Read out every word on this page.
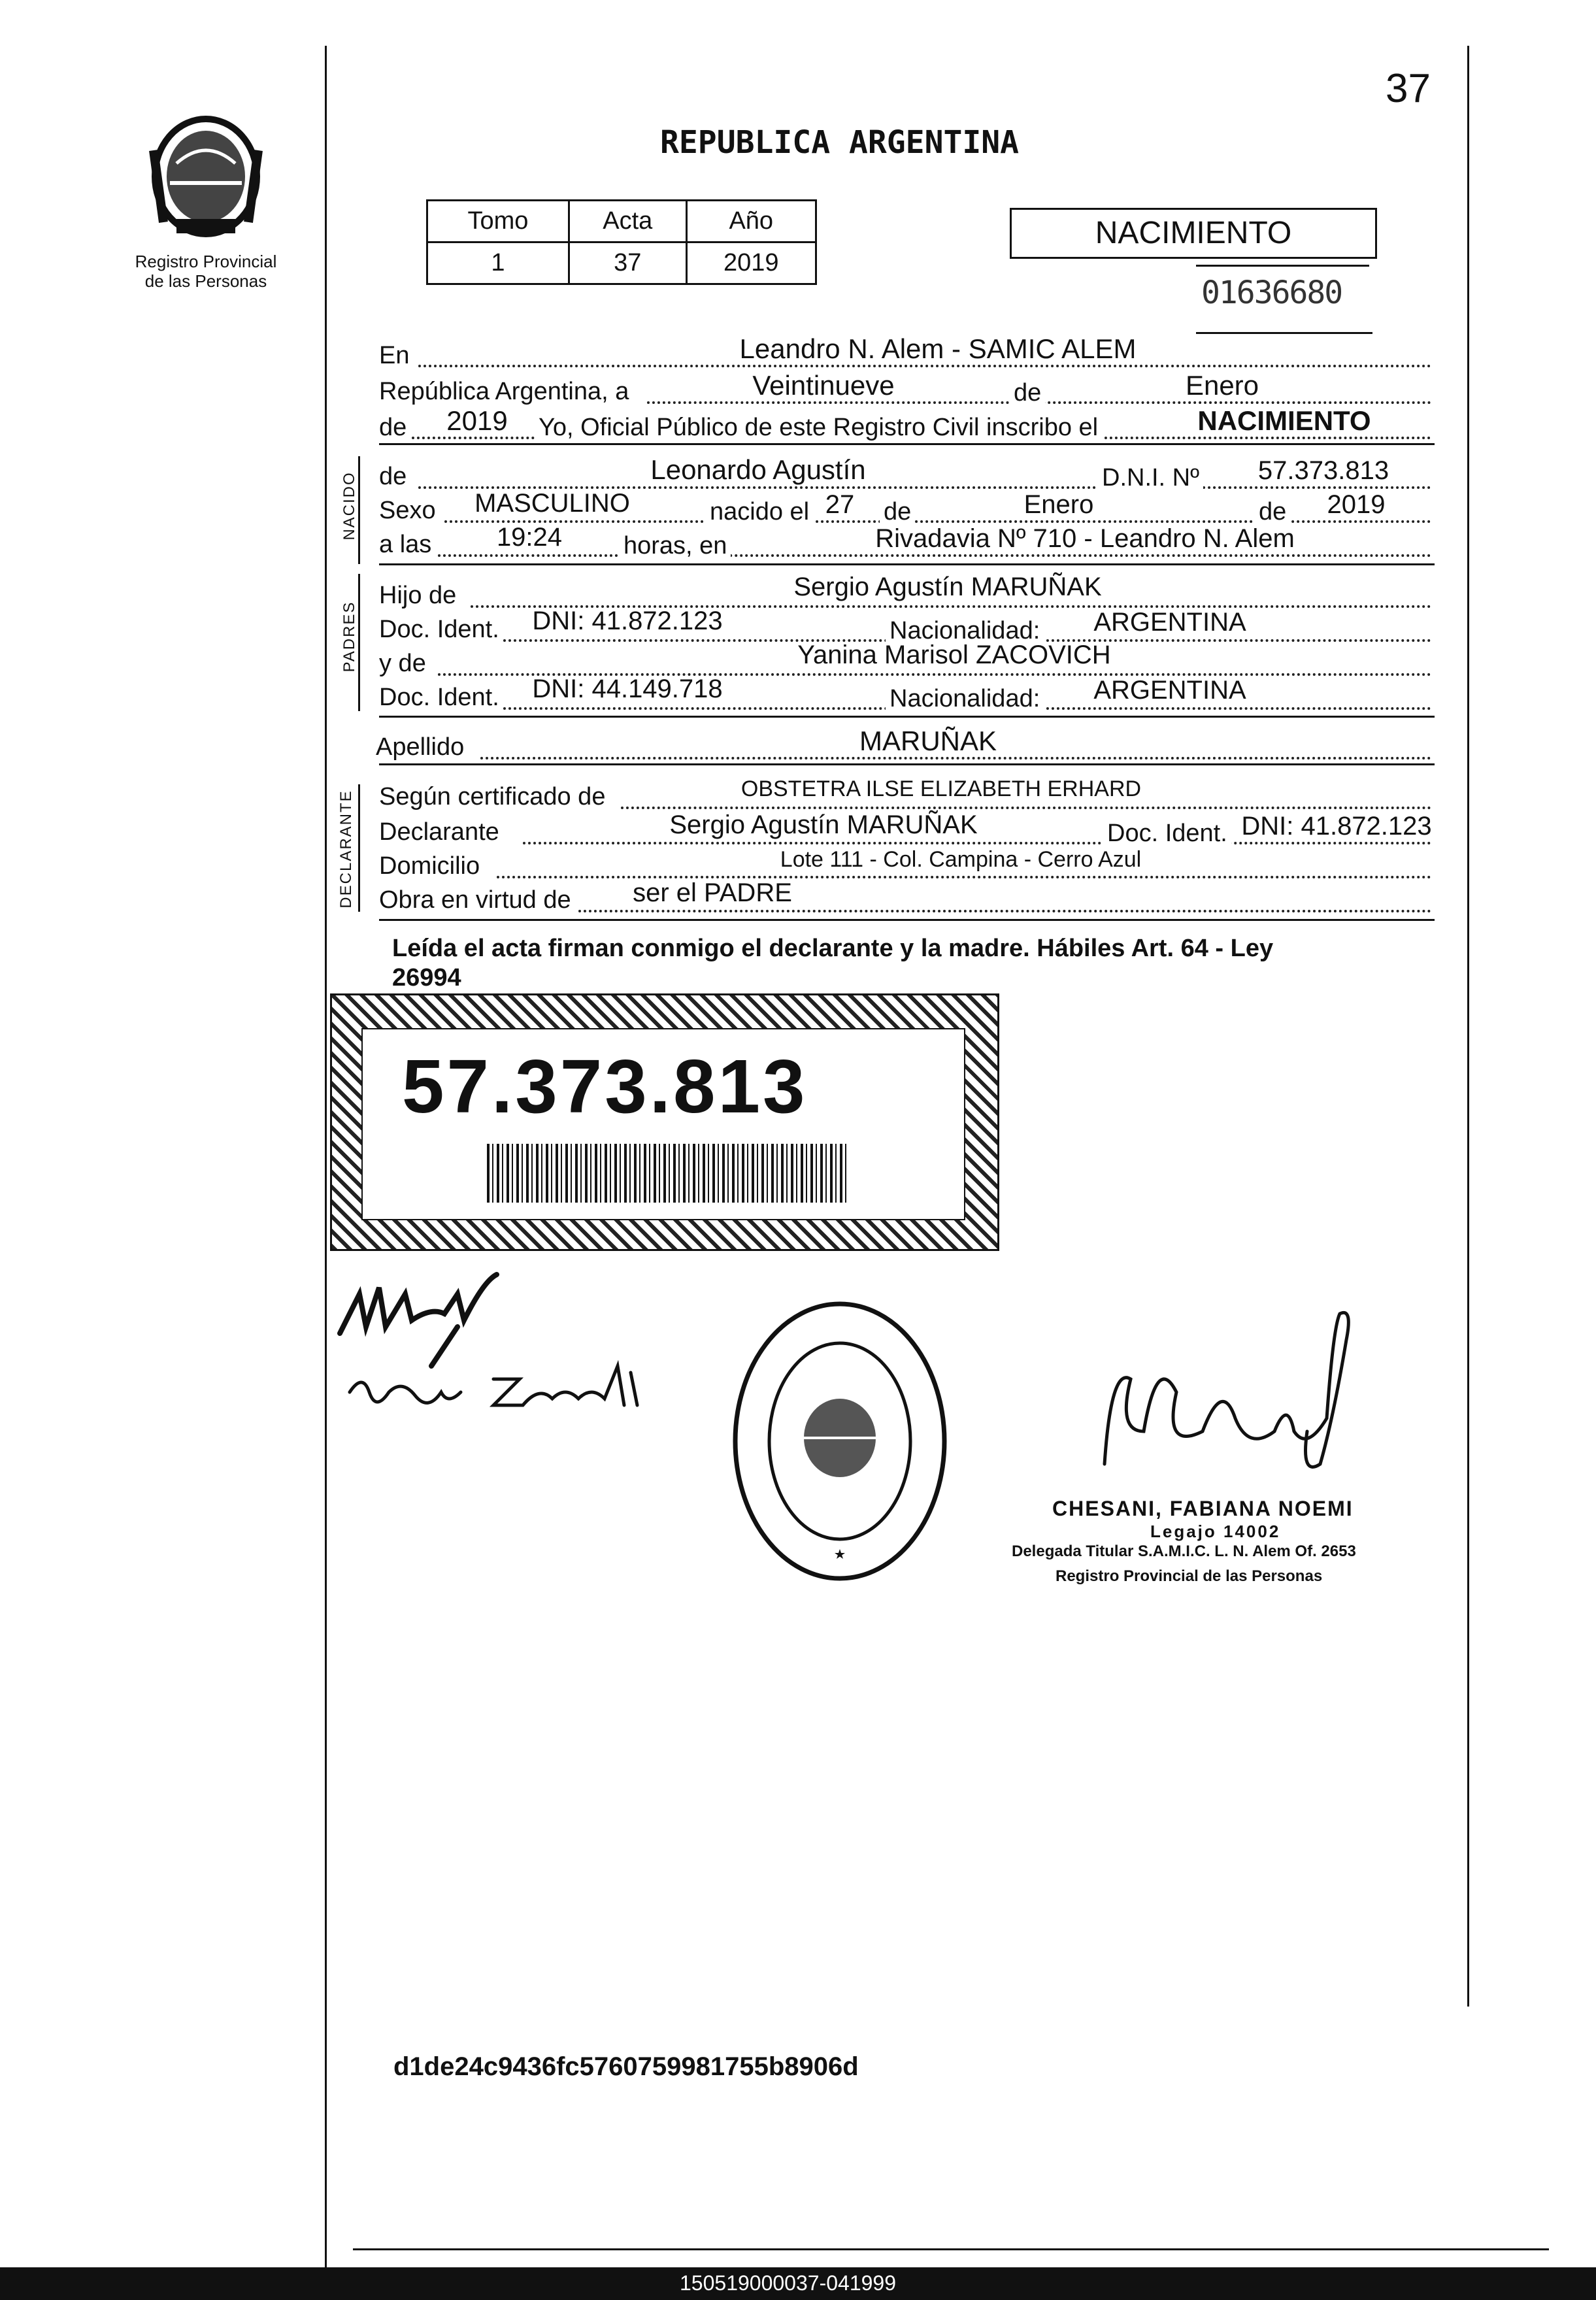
Registro Provincial
de las Personas
37
REPUBLICA ARGENTINA
Tomo	Acta	Año
1	37	2019
NACIMIENTO
01636680
En	Leandro N. Alem - SAMIC ALEM
República Argentina, a	Veintinueve	de	Enero
de	2019	Yo, Oficial Público de este Registro Civil inscribo el	NACIMIENTO
NACIDO de	Leonardo Agustín	D.N.I. Nº	57.373.813
Sexo	MASCULINO	nacido el 27	de	Enero	de	2019
a las	19:24	horas, en	Rivadavia Nº 710 - Leandro N. Alem
PADRES
Hijo de	Sergio Agustín MARUÑAK
Doc. Ident.	DNI: 41.872.123	Nacionalidad:	ARGENTINA
y de	Yanina Marisol ZACOVICH
Doc. Ident.	DNI: 44.149.718	Nacionalidad:	ARGENTINA
Apellido	MARUÑAK
DECLARANTE Según certificado de	OBSTETRA ILSE ELIZABETH ERHARD
Declarante	Sergio Agustín MARUÑAK	Doc. Ident. DNI: 41.872.123
Domicilio	Lote 111 - Col. Campina - Cerro Azul
Obra en virtud de	ser el PADRE
Leída el acta firman conmigo el declarante y la madre. Hábiles Art. 64 - Ley
26994
57.373.813
CHESANI, FABIANA NOEMI
Legajo 14002
Delegada Titular S.A.M.I.C. L. N. Alem Of. 2653
Registro Provincial de las Personas
d1de24c9436fc5760759981755b8906d
150519000037-041999
